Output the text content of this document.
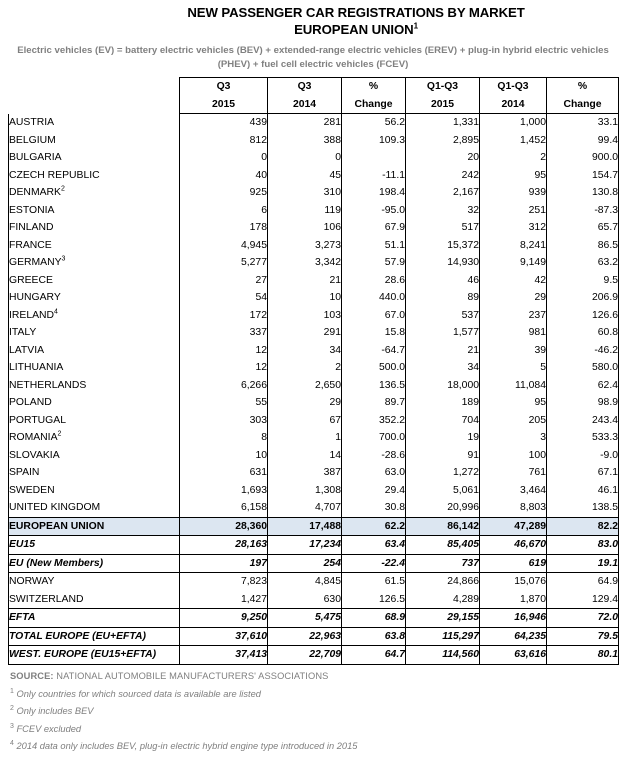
NEW PASSENGER CAR REGISTRATIONS BY MARKET
EUROPEAN UNION$^1$
Electric vehicles (EV) = battery electric vehicles (BEV) + extended-range electric vehicles (EREV) + plug-in hybrid electric vehicles (PHEV) + fuel cell electric vehicles (FCEV)
	Q3	Q3	%	Q1-Q3	Q1-Q3	%
	2015	2014	Change	2015	2014	Change
AUSTRIA	439	281	56.2	1,331	1,000	33.1
BELGIUM	812	388	109.3	2,895	1,452	99.4
BULGARIA	0	0		20	2	900.0
CZECH REPUBLIC	40	45	-11.1	242	95	154.7
DENMARK$^2$	925	310	198.4	2,167	939	130.8
ESTONIA	6	119	-95.0	32	251	-87.3
FINLAND	178	106	67.9	517	312	65.7
FRANCE	4,945	3,273	51.1	15,372	8,241	86.5
GERMANY$^3$	5,277	3,342	57.9	14,930	9,149	63.2
GREECE	27	21	28.6	46	42	9.5
HUNGARY	54	10	440.0	89	29	206.9
IRELAND$^4$	172	103	67.0	537	237	126.6
ITALY	337	291	15.8	1,577	981	60.8
LATVIA	12	34	-64.7	21	39	-46.2
LITHUANIA	12	2	500.0	34	5	580.0
NETHERLANDS	6,266	2,650	136.5	18,000	11,084	62.4
POLAND	55	29	89.7	189	95	98.9
PORTUGAL	303	67	352.2	704	205	243.4
ROMANIA$^2$	8	1	700.0	19	3	533.3
SLOVAKIA	10	14	-28.6	91	100	-9.0
SPAIN	631	387	63.0	1,272	761	67.1
SWEDEN	1,693	1,308	29.4	5,061	3,464	46.1
UNITED KINGDOM	6,158	4,707	30.8	20,996	8,803	138.5
EUROPEAN UNION	28,360	17,488	62.2	86,142	47,289	82.2
EU15	28,163	17,234	63.4	85,405	46,670	83.0
EU (New Members)	197	254	-22.4	737	619	19.1
NORWAY	7,823	4,845	61.5	24,866	15,076	64.9
SWITZERLAND	1,427	630	126.5	4,289	1,870	129.4
EFTA	9,250	5,475	68.9	29,155	16,946	72.0
TOTAL EUROPE (EU+EFTA)	37,610	22,963	63.8	115,297	64,235	79.5
WEST. EUROPE (EU15+EFTA)	37,413	22,709	64.7	114,560	63,616	80.1
SOURCE: NATIONAL AUTOMOBILE MANUFACTURERS' ASSOCIATIONS
$^1$ Only countries for which sourced data is available are listed
$^2$ Only includes BEV
$^3$ FCEV excluded
$^4$ 2014 data only includes BEV, plug-in electric hybrid engine type introduced in 2015
